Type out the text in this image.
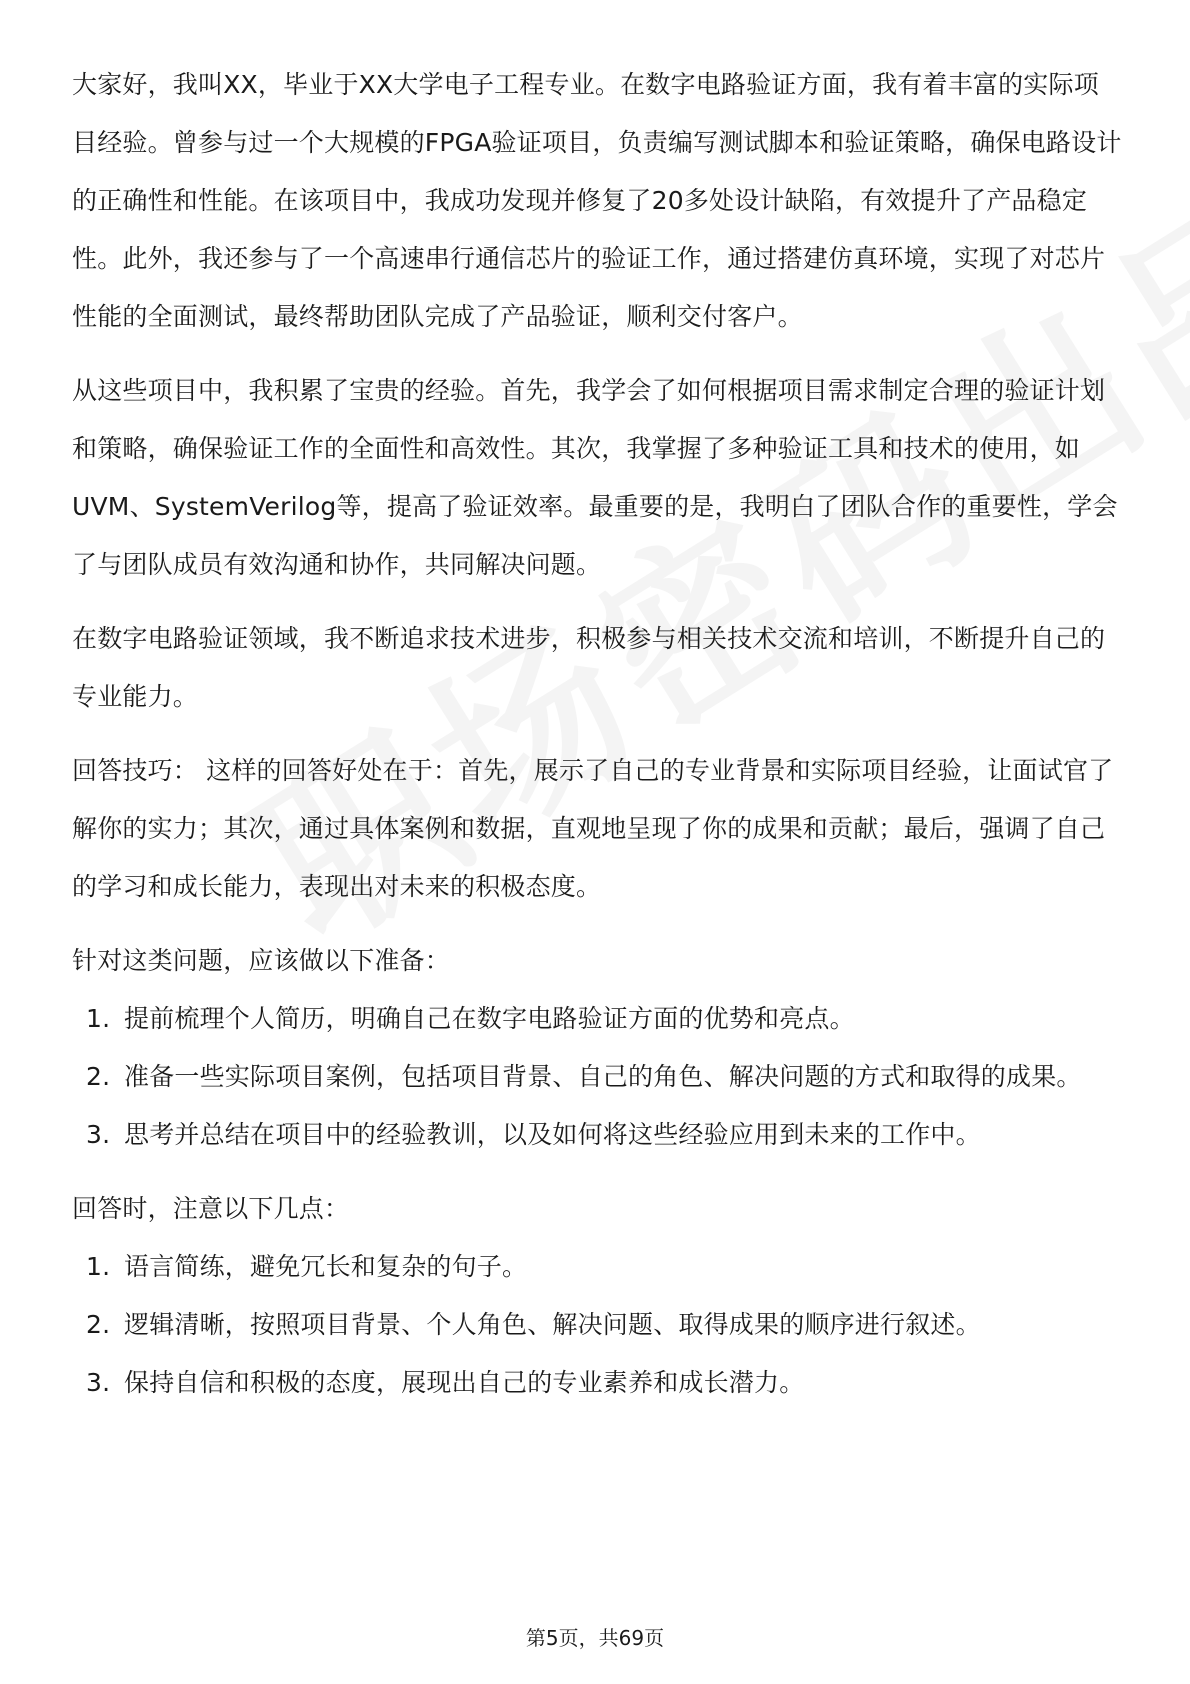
大家好，我叫XX，毕业于XX大学电子工程专业。在数字电路验证方面，我有着丰富的实际项目经验。曾参与过一个大规模的FPGA验证项目，负责编写测试脚本和验证策略，确保电路设计的正确性和性能。在该项目中，我成功发现并修复了20多处设计缺陷，有效提升了产品稳定性。此外，我还参与了一个高速串行通信芯片的验证工作，通过搭建仿真环境，实现了对芯片性能的全面测试，最终帮助团队完成了产品验证，顺利交付客户。

从这些项目中，我积累了宝贵的经验。首先，我学会了如何根据项目需求制定合理的验证计划和策略，确保验证工作的全面性和高效性。其次，我掌握了多种验证工具和技术的使用，如UVM、SystemVerilog等，提高了验证效率。最重要的是，我明白了团队合作的重要性，学会了与团队成员有效沟通和协作，共同解决问题。

在数字电路验证领域，我不断追求技术进步，积极参与相关技术交流和培训，不断提升自己的专业能力。

回答技巧： 这样的回答好处在于：首先，展示了自己的专业背景和实际项目经验，让面试官了解你的实力；其次，通过具体案例和数据，直观地呈现了你的成果和贡献；最后，强调了自己的学习和成长能力，表现出对未来的积极态度。

针对这类问题，应该做以下准备：

1. 提前梳理个人简历，明确自己在数字电路验证方面的优势和亮点。
2. 准备一些实际项目案例，包括项目背景、自己的角色、解决问题的方式和取得的成果。
3. 思考并总结在项目中的经验教训，以及如何将这些经验应用到未来的工作中。

回答时，注意以下几点：

1. 语言简练，避免冗长和复杂的句子。
2. 逻辑清晰，按照项目背景、个人角色、解决问题、取得成果的顺序进行叙述。
3. 保持自信和积极的态度，展现出自己的专业素养和成长潜力。
第5页，共69页
